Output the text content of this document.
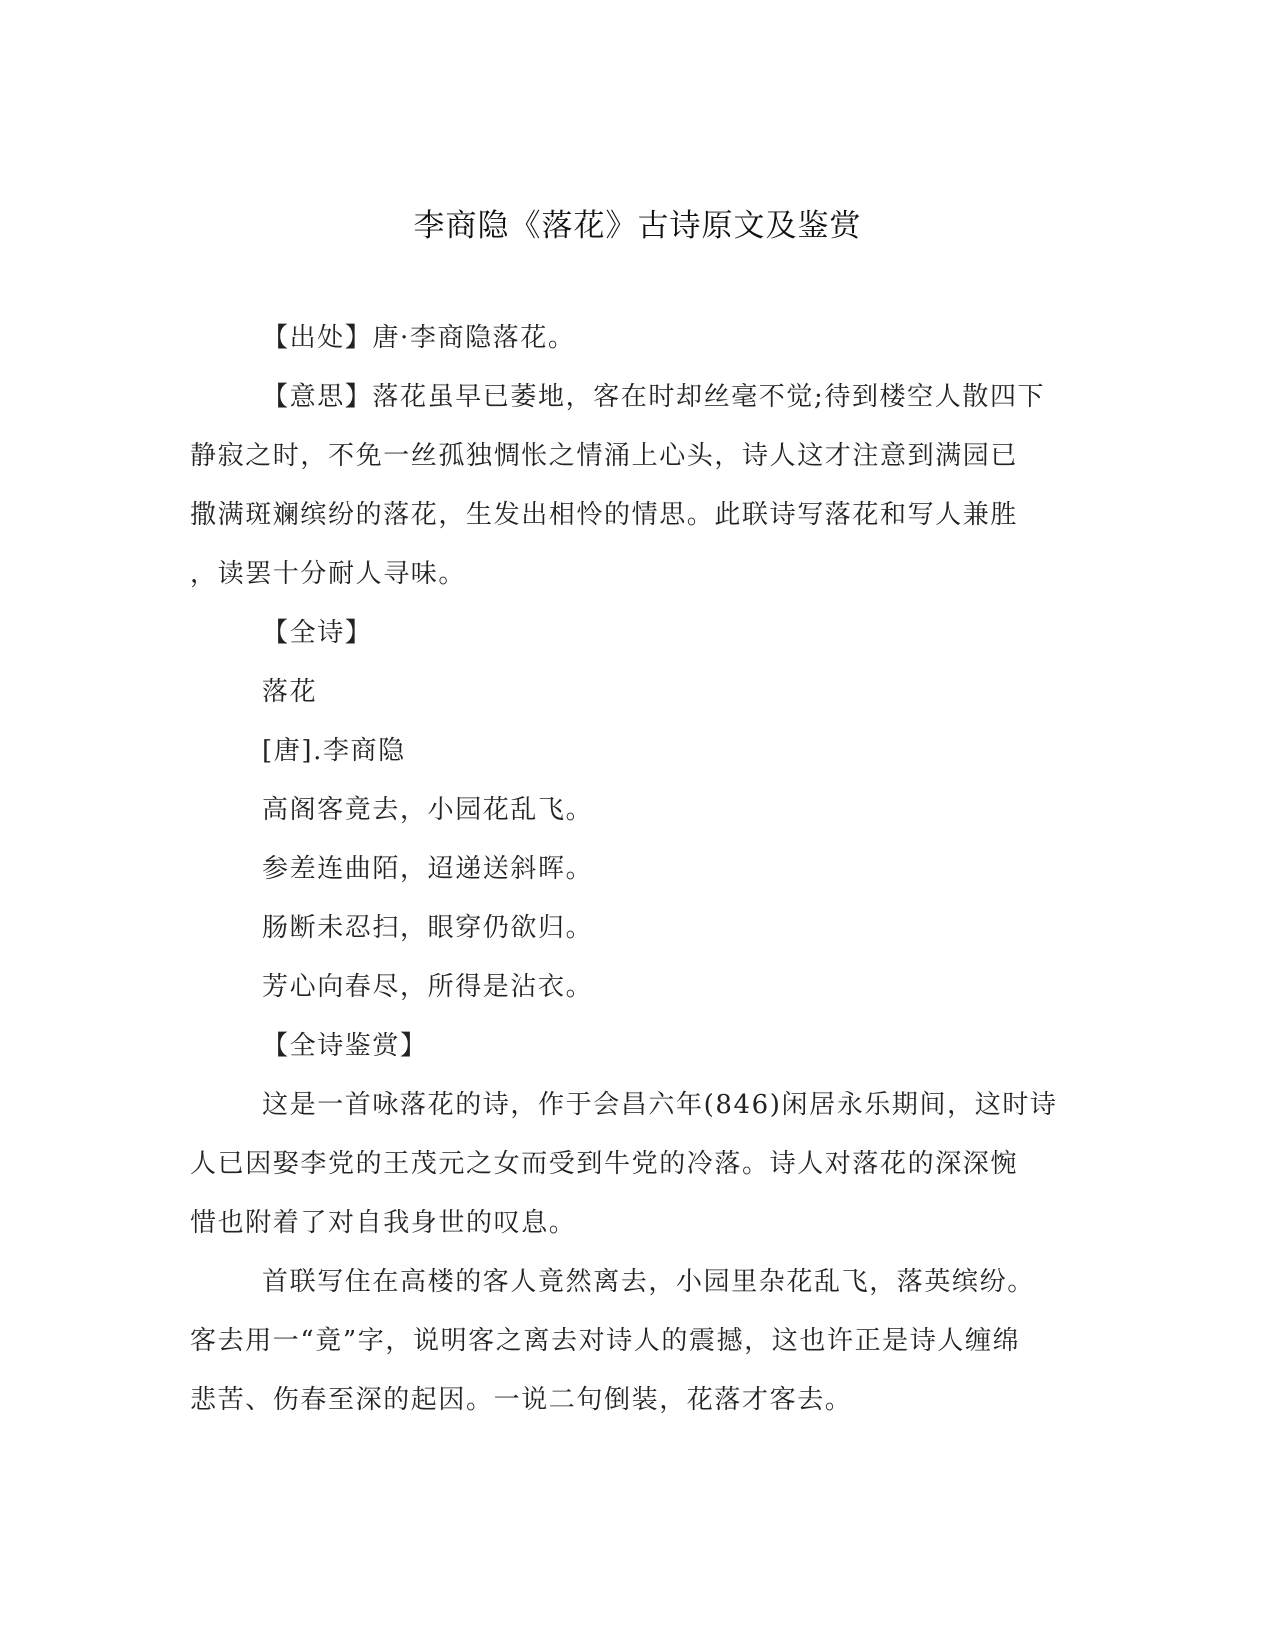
李商隐《落花》古诗原文及鉴赏
【出处】唐·李商隐落花。
【意思】落花虽早已萎地，客在时却丝毫不觉;待到楼空人散四下
静寂之时，不免一丝孤独惆怅之情涌上心头，诗人这才注意到满园已
撒满斑斓缤纷的落花，生发出相怜的情思。此联诗写落花和写人兼胜
，读罢十分耐人寻味。
【全诗】
落花
[唐].李商隐
高阁客竟去，小园花乱飞。
参差连曲陌，迢递送斜晖。
肠断未忍扫，眼穿仍欲归。
芳心向春尽，所得是沾衣。
【全诗鉴赏】
这是一首咏落花的诗，作于会昌六年(846)闲居永乐期间，这时诗
人已因娶李党的王茂元之女而受到牛党的冷落。诗人对落花的深深惋
惜也附着了对自我身世的叹息。
首联写住在高楼的客人竟然离去，小园里杂花乱飞，落英缤纷。
客去用一“竟”字，说明客之离去对诗人的震撼，这也许正是诗人缠绵
悲苦、伤春至深的起因。一说二句倒装，花落才客去。
